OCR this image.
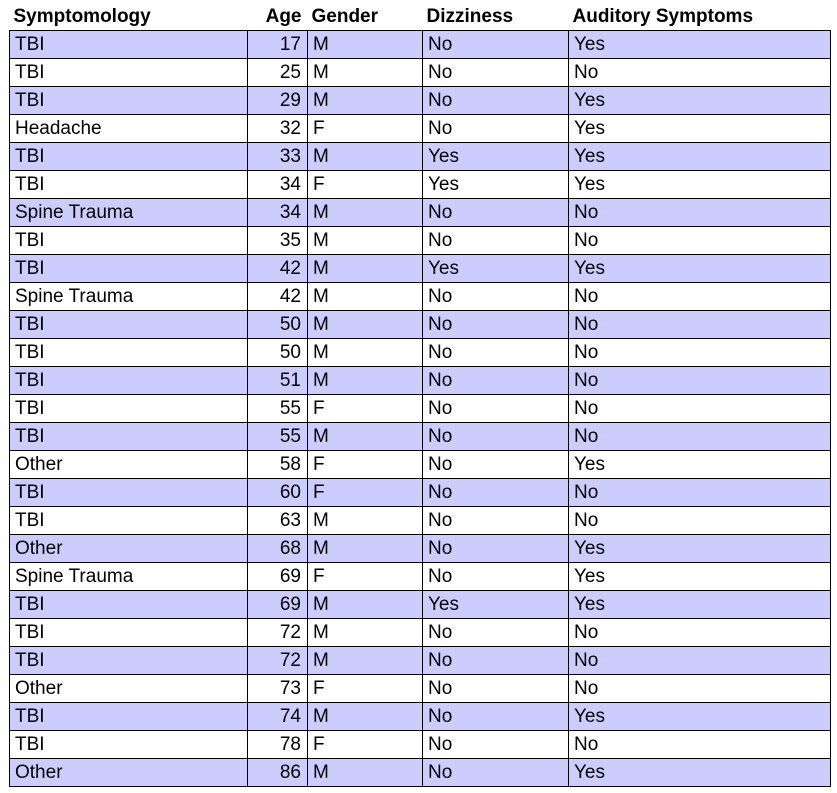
Symptomology	Age	Gender	Dizziness	Auditory Symptoms
TBI	17	M	No	Yes
TBI	25	M	No	No
TBI	29	M	No	Yes
Headache	32	F	No	Yes
TBI	33	M	Yes	Yes
TBI	34	F	Yes	Yes
Spine Trauma	34	M	No	No
TBI	35	M	No	No
TBI	42	M	Yes	Yes
Spine Trauma	42	M	No	No
TBI	50	M	No	No
TBI	50	M	No	No
TBI	51	M	No	No
TBI	55	F	No	No
TBI	55	M	No	No
Other	58	F	No	Yes
TBI	60	F	No	No
TBI	63	M	No	No
Other	68	M	No	Yes
Spine Trauma	69	F	No	Yes
TBI	69	M	Yes	Yes
TBI	72	M	No	No
TBI	72	M	No	No
Other	73	F	No	No
TBI	74	M	No	Yes
TBI	78	F	No	No
Other	86	M	No	Yes
